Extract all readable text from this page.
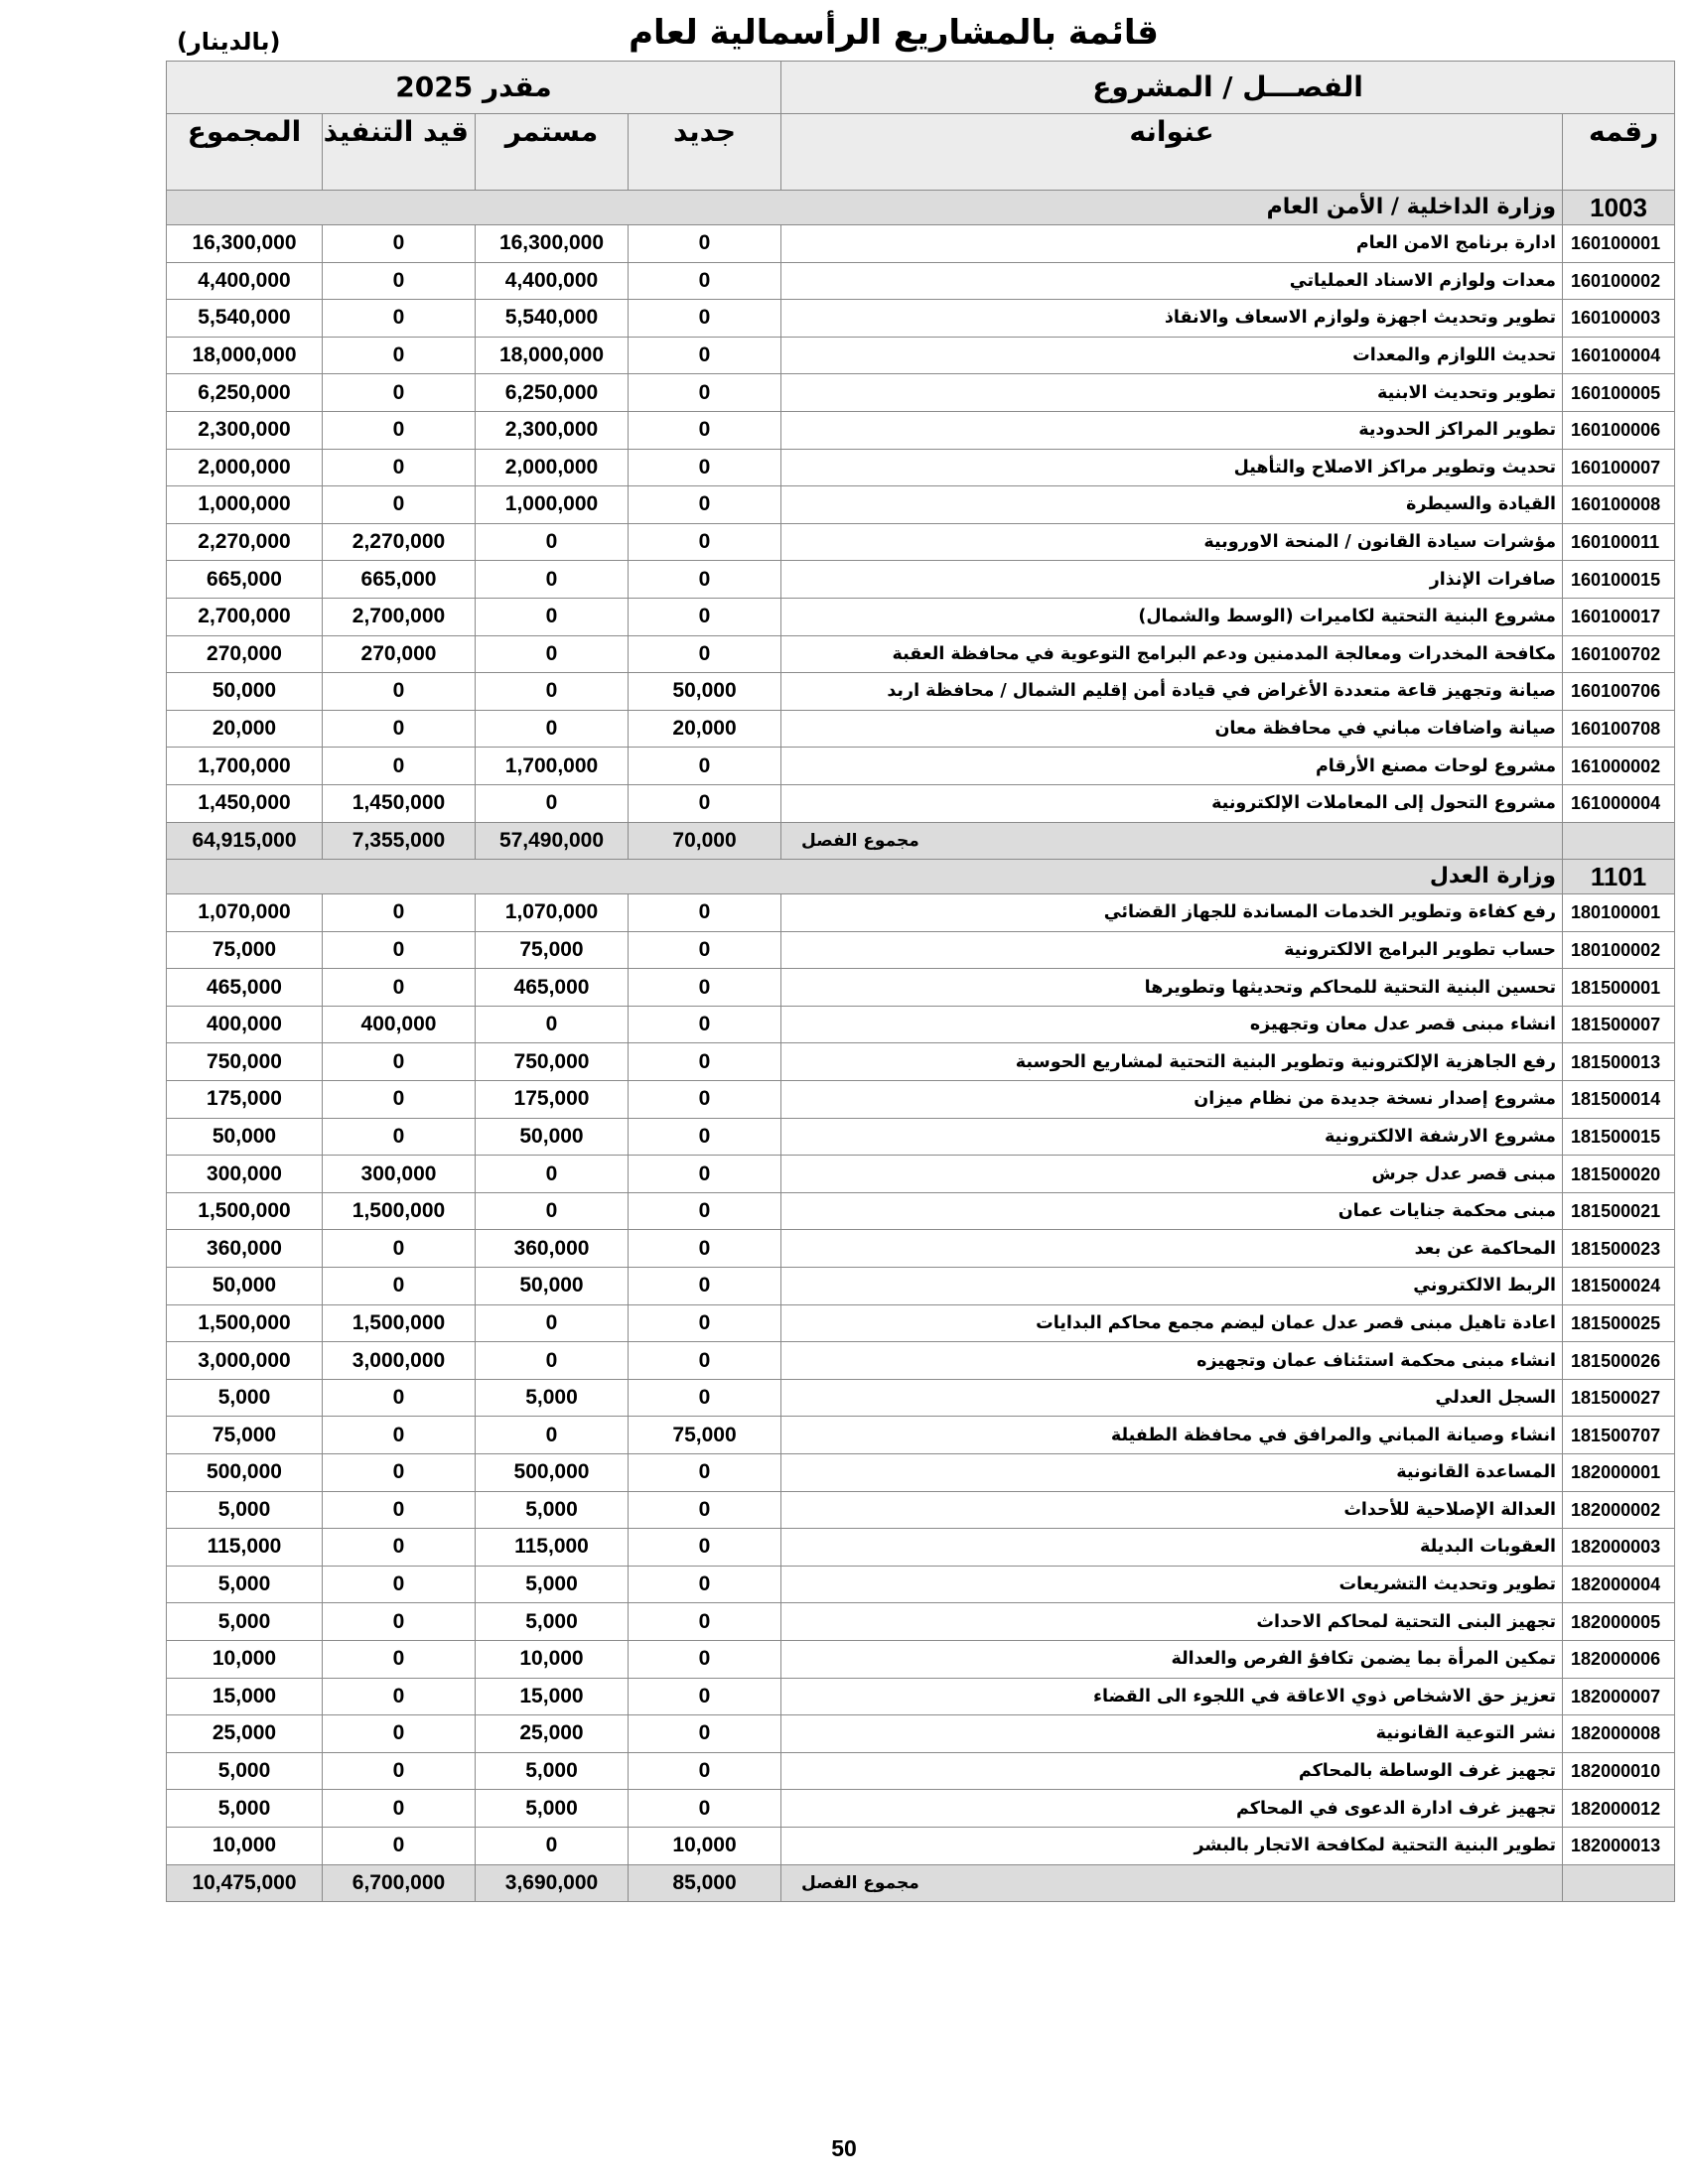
قائمة بالمشاريع الرأسمالية لعام
(بالدينار)
مقدر 2025				الفصـــل / المشروع	
المجموع	قيد التنفيذ	مستمر	جديد	عنوانه	رقمه
وزارة الداخلية / الأمن العام					1003
16,300,000	0	16,300,000	0	ادارة برنامج الامن العام	160100001
4,400,000	0	4,400,000	0	معدات ولوازم الاسناد العملياتي	160100002
5,540,000	0	5,540,000	0	تطوير وتحديث اجهزة ولوازم الاسعاف والانقاذ	160100003
18,000,000	0	18,000,000	0	تحديث اللوازم والمعدات	160100004
6,250,000	0	6,250,000	0	تطوير وتحديث الابنية	160100005
2,300,000	0	2,300,000	0	تطوير المراكز الحدودية	160100006
2,000,000	0	2,000,000	0	تحديث وتطوير مراكز الاصلاح والتأهيل	160100007
1,000,000	0	1,000,000	0	القيادة والسيطرة	160100008
2,270,000	2,270,000	0	0	مؤشرات سيادة القانون / المنحة الاوروبية	160100011
665,000	665,000	0	0	صافرات الإنذار	160100015
2,700,000	2,700,000	0	0	مشروع البنية التحتية لكاميرات (الوسط والشمال)	160100017
270,000	270,000	0	0	مكافحة المخدرات ومعالجة المدمنين ودعم البرامج التوعوية في محافظة العقبة	160100702
50,000	0	0	50,000	صيانة وتجهيز قاعة متعددة الأغراض في قيادة أمن إقليم الشمال / محافظة اربد	160100706
20,000	0	0	20,000	صيانة واضافات مباني في محافظة معان	160100708
1,700,000	0	1,700,000	0	مشروع لوحات مصنع الأرقام	161000002
1,450,000	1,450,000	0	0	مشروع التحول إلى المعاملات الإلكترونية	161000004
64,915,000	7,355,000	57,490,000	70,000	مجموع الفصل	
وزارة العدل					1101
1,070,000	0	1,070,000	0	رفع كفاءة وتطوير الخدمات المساندة للجهاز القضائي	180100001
75,000	0	75,000	0	حساب تطوير البرامج الالكترونية	180100002
465,000	0	465,000	0	تحسين البنية التحتية للمحاكم وتحديثها وتطويرها	181500001
400,000	400,000	0	0	انشاء مبنى قصر عدل معان وتجهيزه	181500007
750,000	0	750,000	0	رفع الجاهزية الإلكترونية وتطوير البنية التحتية لمشاريع الحوسبة	181500013
175,000	0	175,000	0	مشروع إصدار نسخة جديدة من نظام ميزان	181500014
50,000	0	50,000	0	مشروع الارشفة الالكترونية	181500015
300,000	300,000	0	0	مبنى قصر عدل جرش	181500020
1,500,000	1,500,000	0	0	مبنى محكمة جنايات عمان	181500021
360,000	0	360,000	0	المحاكمة عن بعد	181500023
50,000	0	50,000	0	الربط الالكتروني	181500024
1,500,000	1,500,000	0	0	اعادة تاهيل مبنى قصر عدل عمان ليضم مجمع محاكم البدايات	181500025
3,000,000	3,000,000	0	0	انشاء مبنى محكمة استئناف عمان وتجهيزه	181500026
5,000	0	5,000	0	السجل العدلي	181500027
75,000	0	0	75,000	انشاء وصيانة المباني والمرافق في محافظة الطفيلة	181500707
500,000	0	500,000	0	المساعدة القانونية	182000001
5,000	0	5,000	0	العدالة الإصلاحية للأحداث	182000002
115,000	0	115,000	0	العقوبات البديلة	182000003
5,000	0	5,000	0	تطوير وتحديث التشريعات	182000004
5,000	0	5,000	0	تجهيز البنى التحتية لمحاكم الاحداث	182000005
10,000	0	10,000	0	تمكين المرأة بما يضمن تكافؤ الفرص والعدالة	182000006
15,000	0	15,000	0	تعزيز حق الاشخاص ذوي الاعاقة في اللجوء الى القضاء	182000007
25,000	0	25,000	0	نشر التوعية القانونية	182000008
5,000	0	5,000	0	تجهيز غرف الوساطة بالمحاكم	182000010
5,000	0	5,000	0	تجهيز غرف ادارة الدعوى في المحاكم	182000012
10,000	0	0	10,000	تطوير البنية التحتية لمكافحة الاتجار بالبشر	182000013
10,475,000	6,700,000	3,690,000	85,000	مجموع الفصل	
50
